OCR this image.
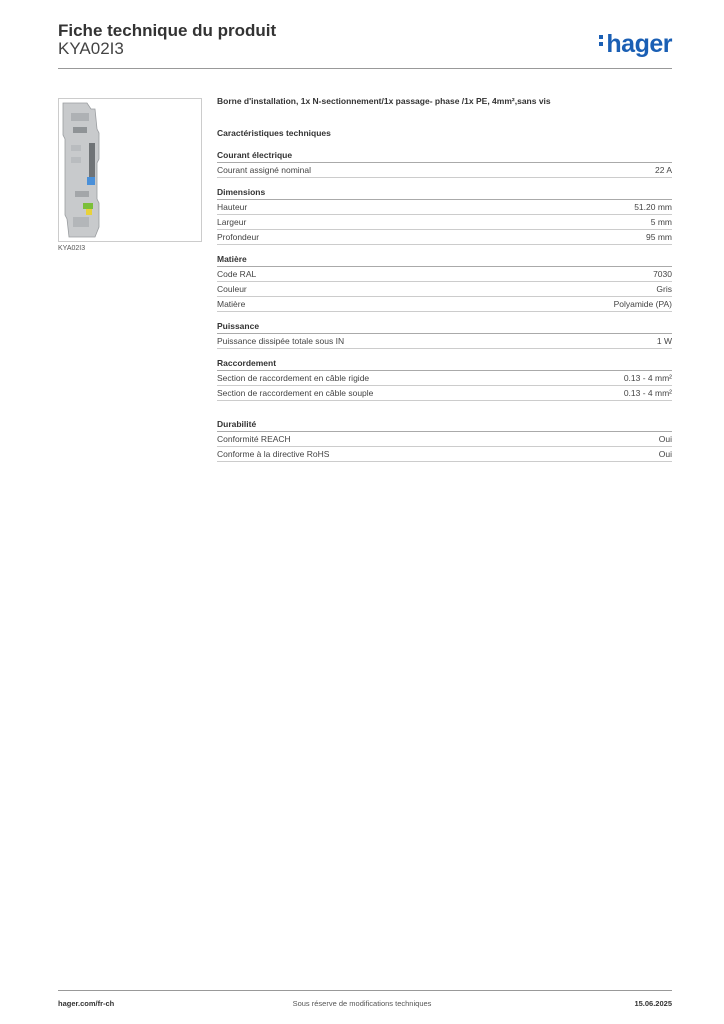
Fiche technique du produit
KYA02I3	hager
KYA02I3
Borne d'installation, 1x N-sectionnement/1x passage- phase /1x PE, 4mm²,sans vis
Caractéristiques techniques
Courant électrique
Courant assigné nominal	22 A
Dimensions
Hauteur	51.20 mm
Largeur	5 mm
Profondeur	95 mm
Matière
Code RAL	7030
Couleur	Gris
Matière	Polyamide (PA)
Puissance
Puissance dissipée totale sous IN	1 W
Raccordement
Section de raccordement en câble rigide	0.13 - 4 mm²
Section de raccordement en câble souple	0.13 - 4 mm²
Durabilité
Conformité REACH	Oui
Conforme à la directive RoHS	Oui
hager.com/fr-ch	Sous réserve de modifications techniques	15.06.2025
